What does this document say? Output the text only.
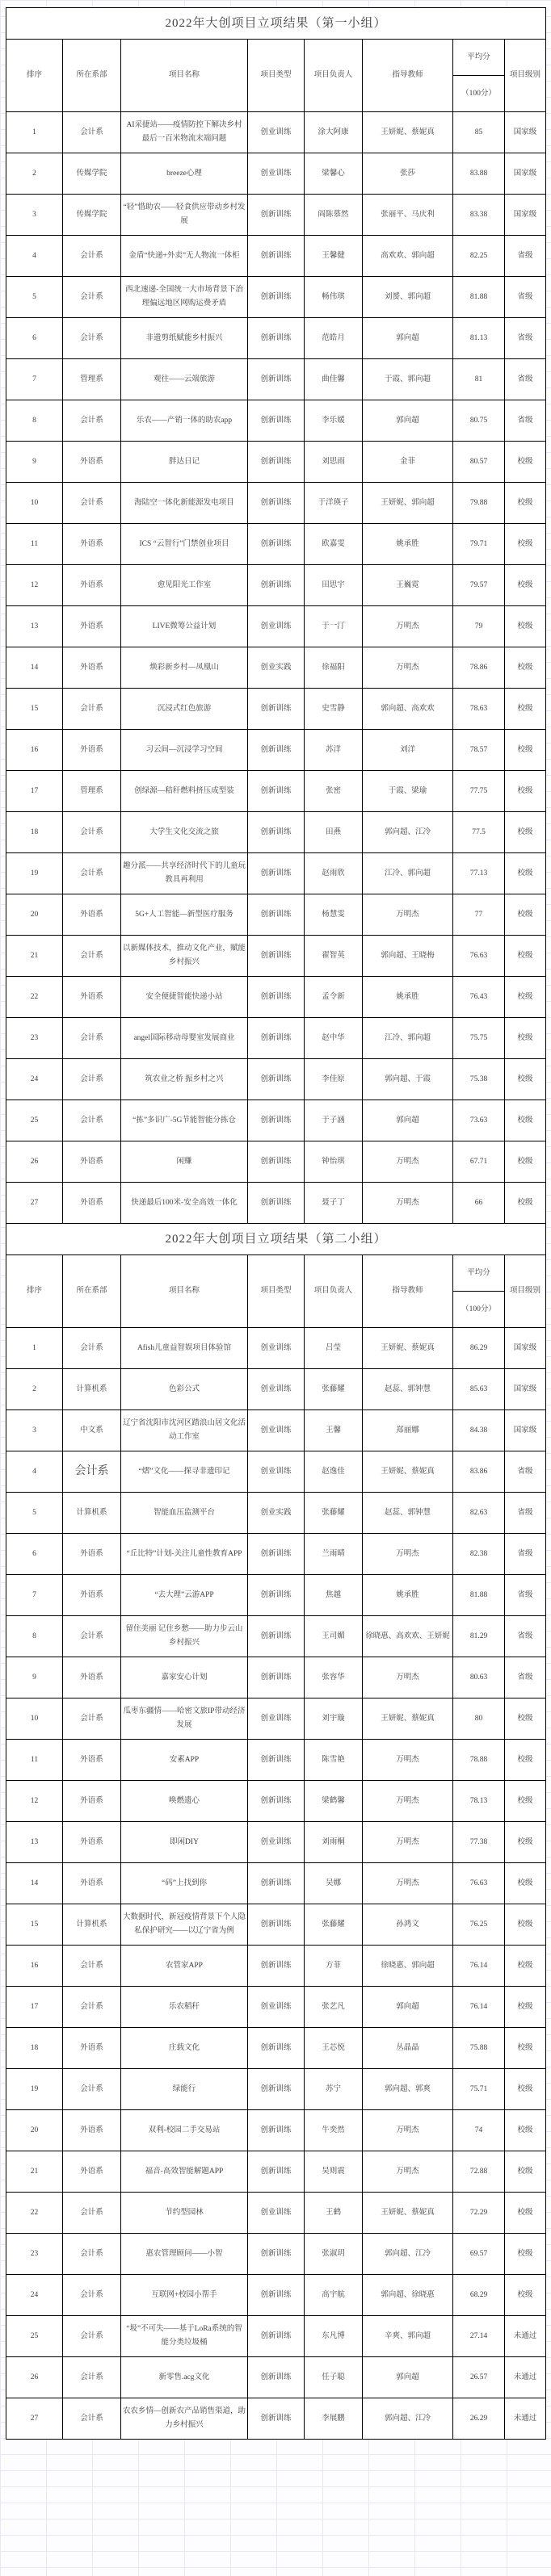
2022年大创项目立项结果（第一小组）							
排序	所在系部	项目名称	项目类型	项目负责人	指导教师	平均分	项目级别
						（100分）	
1	会计系	AI采捷站——疫情防控下解决乡村最后一百米物流末端问题	创业训练	涂大阿康	王妍妮、蔡妮真	85	国家级
2	传媒学院	breeze心理	创业训练	梁馨心	张莎	83.88	国家级
3	传媒学院	“轻”惜助农——轻食供应带动乡村发展	创新训练	阎陈慕然	张丽平、马庆利	83.38	国家级
4	会计系	金盾“快递+外卖”无人物流一体柜	创新训练	王馨健	高欢欢、郭向超	82.25	省级
5	会计系	西北速递-全国统一大市场背景下治理偏远地区网购运费矛盾	创新训练	畅伟琪	刘赟、郭向超	81.88	省级
6	会计系	非遗剪纸赋能乡村振兴	创新训练	范皓月	郭向超	81.13	省级
7	管理系	观往——云端旅游	创新训练	曲佳馨	于霞、郭向超	81	省级
8	会计系	乐农——产销一体的助农app	创新训练	李乐媛	郭向超	80.75	省级
9	外语系	胖达日记	创新训练	刘思雨	金菲	80.57	校级
10	会计系	海陆空一体化新能源发电项目	创新训练	于洋瑛子	王妍妮、郭向超	79.88	校级
11	外语系	ICS “云智行”门禁创业项目	创新训练	欧嘉雯	姚承胜	79.71	校级
12	外语系	愈见阳光工作室	创新训练	田思宇	王巍霓	79.57	校级
13	外语系	LIVE微筹公益计划	创业训练	于一汀	万明杰	79	校级
14	外语系	焕彩新乡村—凤凰山	创业实践	徐福阳	万明杰	78.86	校级
15	会计系	沉浸式红色旅游	创新训练	史雪静	郭向超、高欢欢	78.63	校级
16	外语系	习云间—沉浸学习空间	创新训练	苏洋	刘洋	78.57	校级
17	管理系	创绿源—秸秆燃料挤压成型装	创新训练	张密	于霞、梁瑜	77.75	校级
18	会计系	大学生文化交流之旅	创新训练	田燕	郭向超、江冷	77.5	校级
19	会计系	趣分派——共享经济时代下的儿童玩教具再利用	创新训练	赵雨欣	江冷、郭向超	77.13	校级
20	外语系	5G+人工智能—新型医疗服务	创新训练	杨慧雯	万明杰	77	校级
21	会计系	以新媒体技术，推动文化产业，赋能乡村振兴	创新训练	翟智英	郭向超、王晓梅	76.63	校级
22	外语系	安全便捷智能快递小站	创新训练	孟令新	姚承胜	76.43	校级
23	会计系	angel国际移动母婴室发展商业	创新训练	赵中华	江冷、郭向超	75.75	校级
24	会计系	筑农业之桥 振乡村之兴	创新训练	李佳原	郭向超、于霞	75.38	校级
25	会计系	“拣”多识广-5G节能智能分拣仓	创新训练	于子涵	郭向超	73.63	校级
26	外语系	闲赚	创新训练	钟怡琪	万明杰	67.71	校级
27	外语系	快递最后100米-安全高效一体化	创新训练	聂子丁	万明杰	66	校级
2022年大创项目立项结果（第二小组）							
排序	所在系部	项目名称	项目类型	项目负责人	指导教师	平均分	项目级别
						（100分）	
1	会计系	Afish儿童益智娱项目体验馆	创业训练	吕莹	王妍妮、蔡妮真	86.29	国家级
2	计算机系	色彩公式	创业训练	张藤耀	赵蕊、郭钟慧	85.63	国家级
3	中文系	辽宁省沈阳市沈河区踏浪山居文化活动工作室	创业训练	王馨	郑丽娜	84.38	国家级
4	会计系	“熠”文化——探寻非遗印记	创业训练	赵逸佳	王妍妮、蔡妮真	83.86	省级
5	计算机系	智能血压监测平台	创业实践	张藤耀	赵蕊、郭钟慧	82.63	省级
6	外语系	“丘比特”计划-关注儿童性教育APP	创新训练	兰雨晴	万明杰	82.38	省级
7	外语系	“去大理”云游APP	创新训练	焦越	姚承胜	81.88	省级
8	会计系	留住美丽 记住乡愁——助力步云山乡村振兴	创新训练	王司媚	徐晓惠、高欢欢、王妍妮	81.29	省级
9	外语系	嘉家安心计划	创新训练	张容华	万明杰	80.63	省级
10	会计系	瓜枣东疆情——哈密文旅IP带动经济发展	创业训练	刘宇璇	王妍妮、蔡妮真	80	校级
11	外语系	安素APP	创新训练	陈雪艳	万明杰	78.88	校级
12	外语系	唤燃遗心	创新训练	梁鹤馨	万明杰	78.13	校级
13	外语系	即闲DIY	创业训练	刘雨桐	万明杰	77.38	校级
14	外语系	“码”上找到你	创新训练	吴娜	万明杰	76.63	校级
15	计算机系	大数据时代，新冠疫情背景下个人隐私保护研究——以辽宁省为例	创新训练	张藤耀	孙鸿文	76.25	校级
16	会计系	农管家APP	创新训练	方菲	徐晓惠、郭向超	76.14	校级
17	会计系	乐农稻秆	创业训练	张艺凡	郭向超	76.14	校级
18	外语系	庄载文化	创新训练	王芯悦	丛晶晶	75.88	校级
19	会计系	绿能行	创新训练	苏宁	郭向超、郭爽	75.71	校级
20	外语系	双利-校园二手交易站	创新训练	牛奕然	万明杰	74	校级
21	外语系	福音-高效智能解题APP	创新训练	吴则震	万明杰	72.88	校级
22	会计系	节约型园林	创业训练	王鹤	王妍妮、蔡妮真	72.29	校级
23	会计系	惠农管理顾问——小智	创新训练	张淑玥	郭向超、江冷	69.57	校级
24	会计系	互联网+校园小帮手	创新训练	高宇航	郭向超、徐晓惠	68.29	校级
25	会计系	“圾”不可失——基于LoRa系统的智能分类垃圾桶	创新训练	东凡博	辛爽、郭向超	27.14	未通过
26	会计系	新零售.acg文化	创新训练	任子聪	郭向超	26.57	未通过
27	会计系	农农乡情—创新农产品销售渠道，助力乡村振兴	创新训练	李展鹏	郭向超、江冷	26.29	未通过
